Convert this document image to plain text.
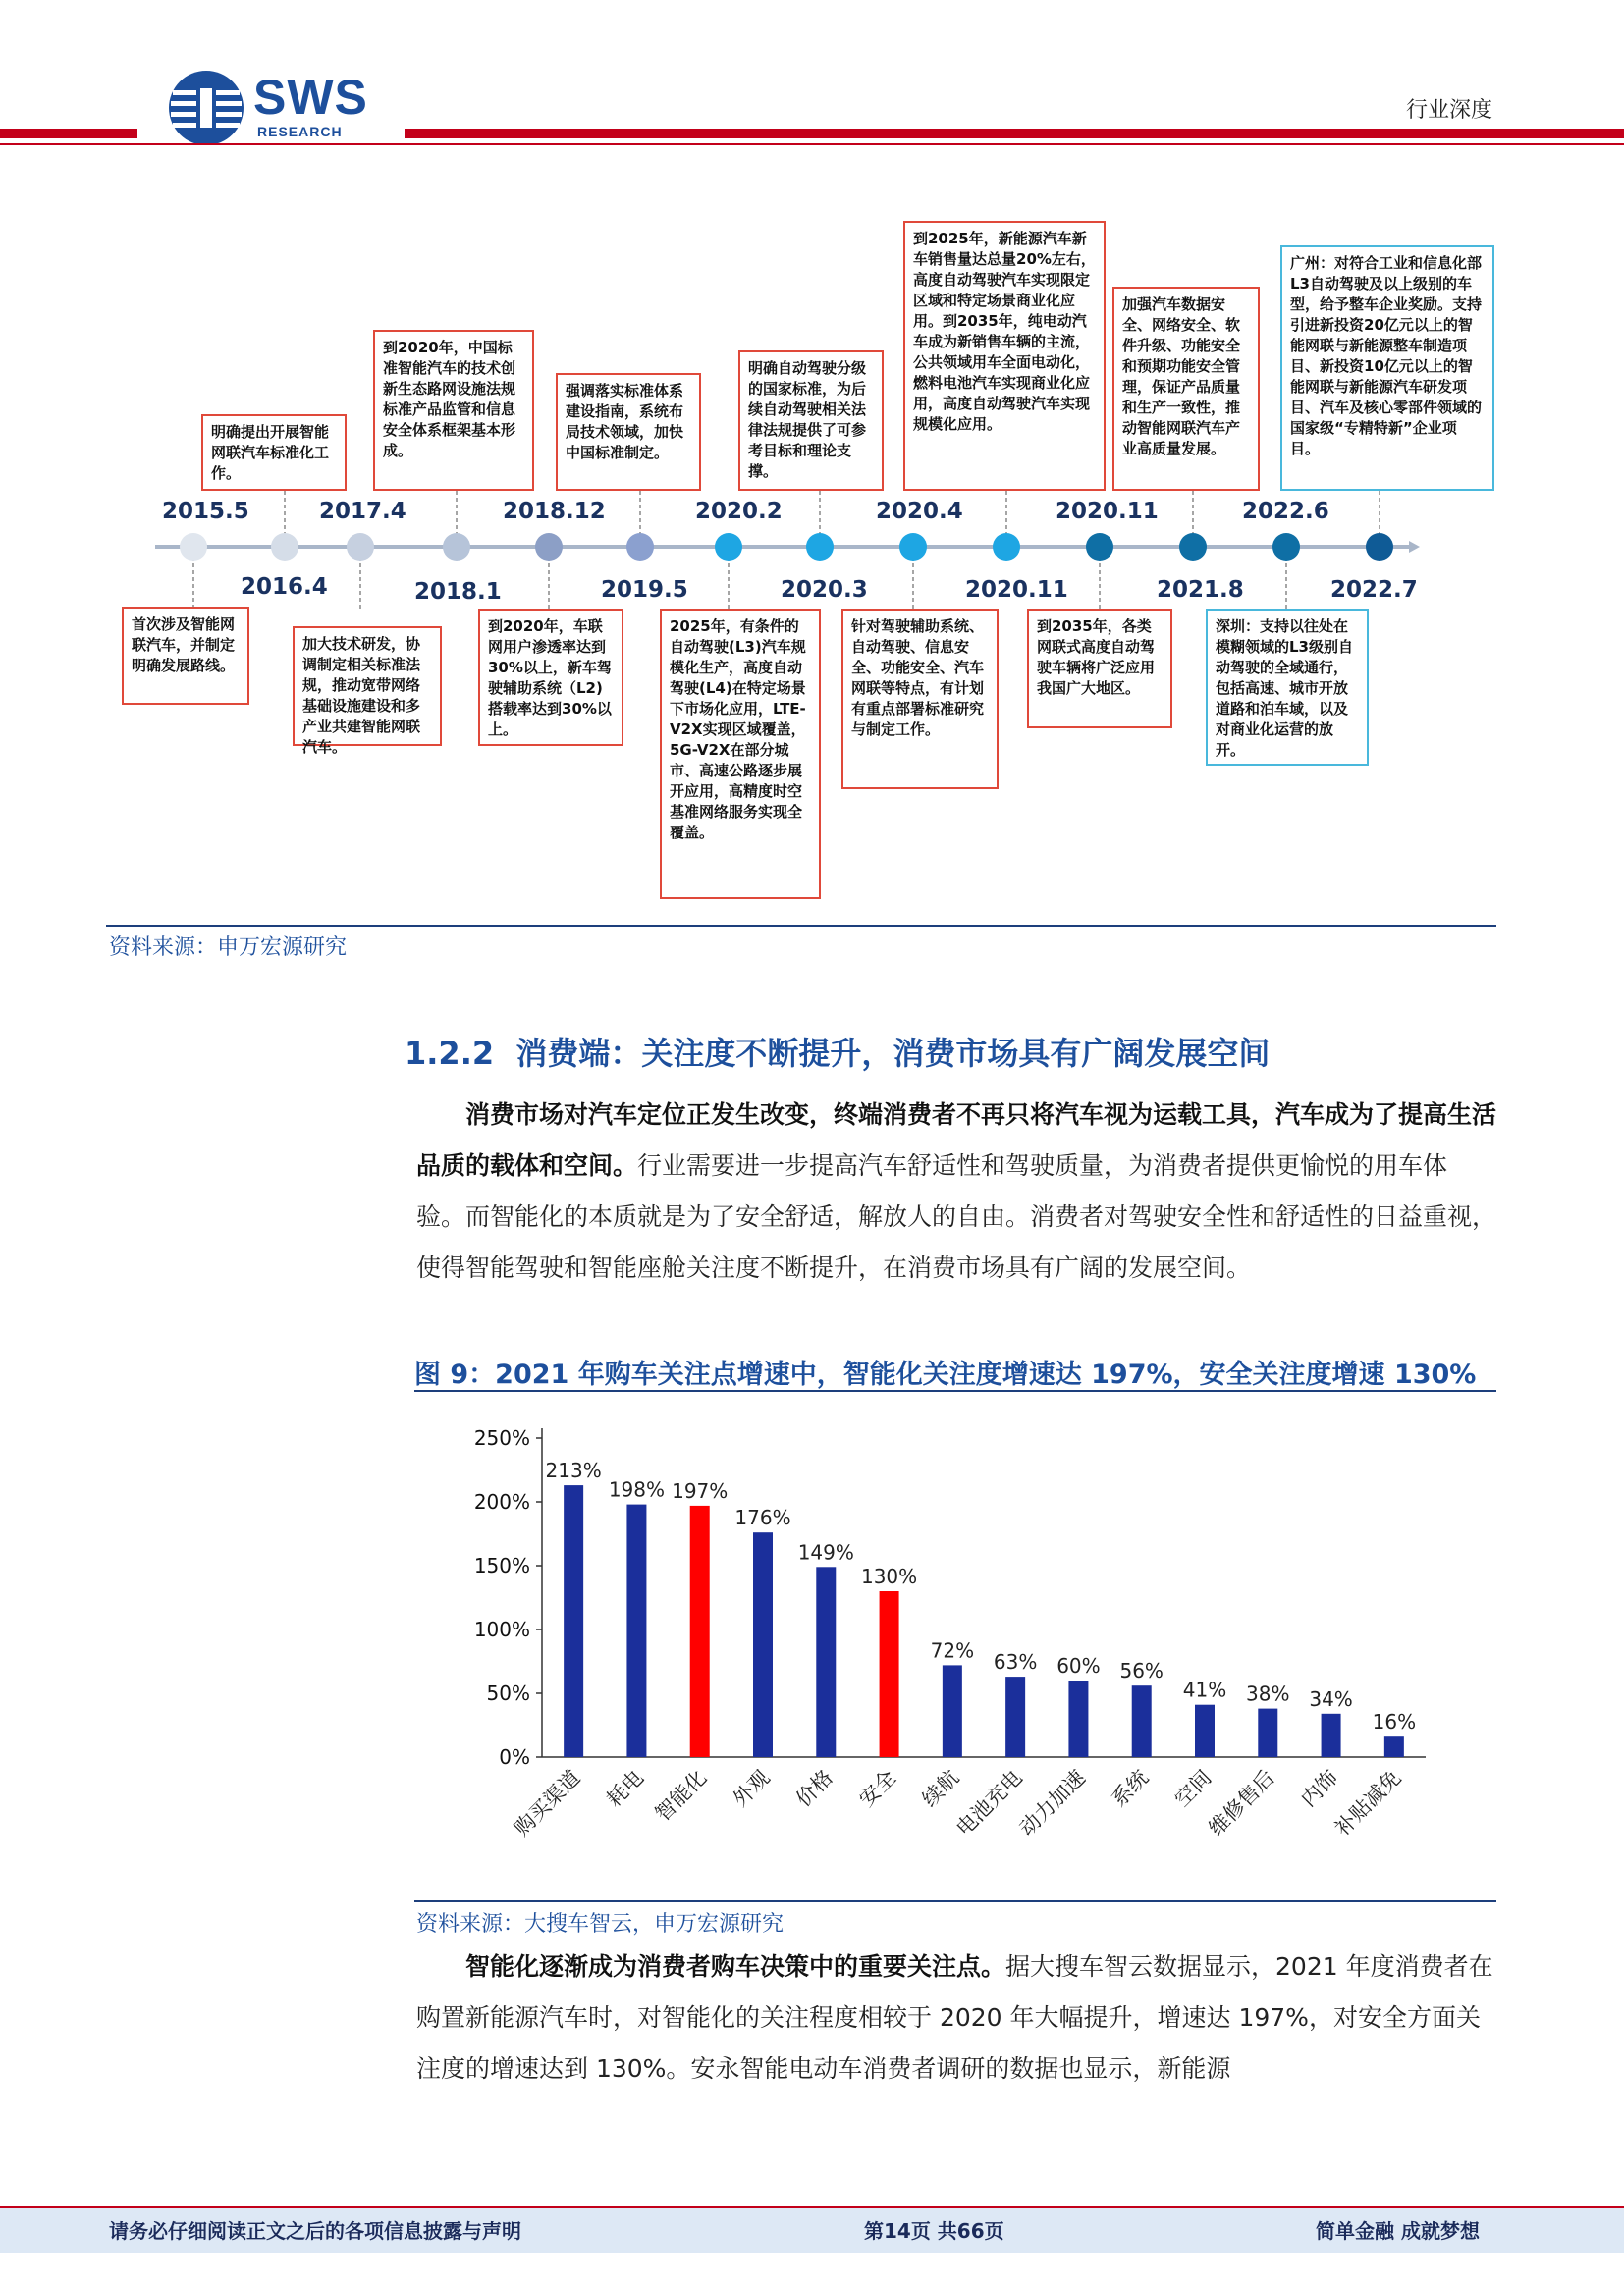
SWS
RESEARCH
行业深度
明确提出开展智能网联汽车标准化工作。
到2020年，中国标准智能汽车的技术创新生态路网设施法规标准产品监管和信息安全体系框架基本形成。
强调落实标准体系建设指南，系统布局技术领域，加快中国标准制定。
明确自动驾驶分级的国家标准，为后续自动驾驶相关法律法规提供了可参考目标和理论支撑。
到2025年，新能源汽车新车销售量达总量20%左右，高度自动驾驶汽车实现限定区域和特定场景商业化应用。到2035年，纯电动汽车成为新销售车辆的主流，公共领域用车全面电动化，燃料电池汽车实现商业化应用，高度自动驾驶汽车实现规模化应用。
加强汽车数据安全、网络安全、软件升级、功能安全和预期功能安全管理，保证产品质量和生产一致性，推动智能网联汽车产业高质量发展。
广州：对符合工业和信息化部L3自动驾驶及以上级别的车型，给予整车企业奖励。支持引进新投资20亿元以上的智能网联与新能源整车制造项目、新投资10亿元以上的智能网联与新能源汽车研发项目、汽车及核心零部件领域的国家级“专精特新”企业项目。
2015.5	2017.4	2018.12	2020.2	2020.4	2020.11	2022.6
2016.4	2018.1	2019.5	2020.3	2020.11	2021.8	2022.7
首次涉及智能网联汽车，并制定明确发展路线。
加大技术研发，协调制定相关标准法规，推动宽带网络基础设施建设和多产业共建智能网联汽车。
到2020年，车联网用户渗透率达到30%以上，新车驾驶辅助系统（L2)搭载率达到30%以上。
2025年，有条件的自动驾驶(L3)汽车规模化生产，高度自动驾驶(L4)在特定场景下市场化应用，LTE-V2X实现区域覆盖，5G-V2X在部分城市、高速公路逐步展开应用，高精度时空基准网络服务实现全覆盖。
针对驾驶辅助系统、自动驾驶、信息安全、功能安全、汽车网联等特点，有计划有重点部署标准研究与制定工作。
到2035年，各类网联式高度自动驾驶车辆将广泛应用我国广大地区。
深圳：支持以往处在模糊领域的L3级别自动驾驶的全域通行，包括高速、城市开放道路和泊车域，以及对商业化运营的放开。
资料来源：申万宏源研究
1.2.2  消费端：关注度不断提升，消费市场具有广阔发展空间
消费市场对汽车定位正发生改变，终端消费者不再只将汽车视为运载工具，汽车成为了提高生活品质的载体和空间。行业需要进一步提高汽车舒适性和驾驶质量，为消费者提供更愉悦的用车体验。而智能化的本质就是为了安全舒适，解放人的自由。消费者对驾驶安全性和舒适性的日益重视，使得智能驾驶和智能座舱关注度不断提升，在消费市场具有广阔的发展空间。
图 9：2021 年购车关注点增速中，智能化关注度增速达 197%，安全关注度增速 130%
0%
50%
100%
150%
200%
250%
213%
购买渠道
198%
耗电
197%
智能化
176%
外观
149%
价格
130%
安全
72%
续航
63%
电池充电
60%
动力加速
56%
系统
41%
空间
38%
维修售后
34%
内饰
16%
补贴减免
资料来源：大搜车智云，申万宏源研究
智能化逐渐成为消费者购车决策中的重要关注点。据大搜车智云数据显示，2021 年度消费者在购置新能源汽车时，对智能化的关注程度相较于 2020 年大幅提升，增速达 197%，对安全方面关注度的增速达到 130%。安永智能电动车消费者调研的数据也显示，新能源
请务必仔细阅读正文之后的各项信息披露与声明	第14页 共66页	简单金融 成就梦想
